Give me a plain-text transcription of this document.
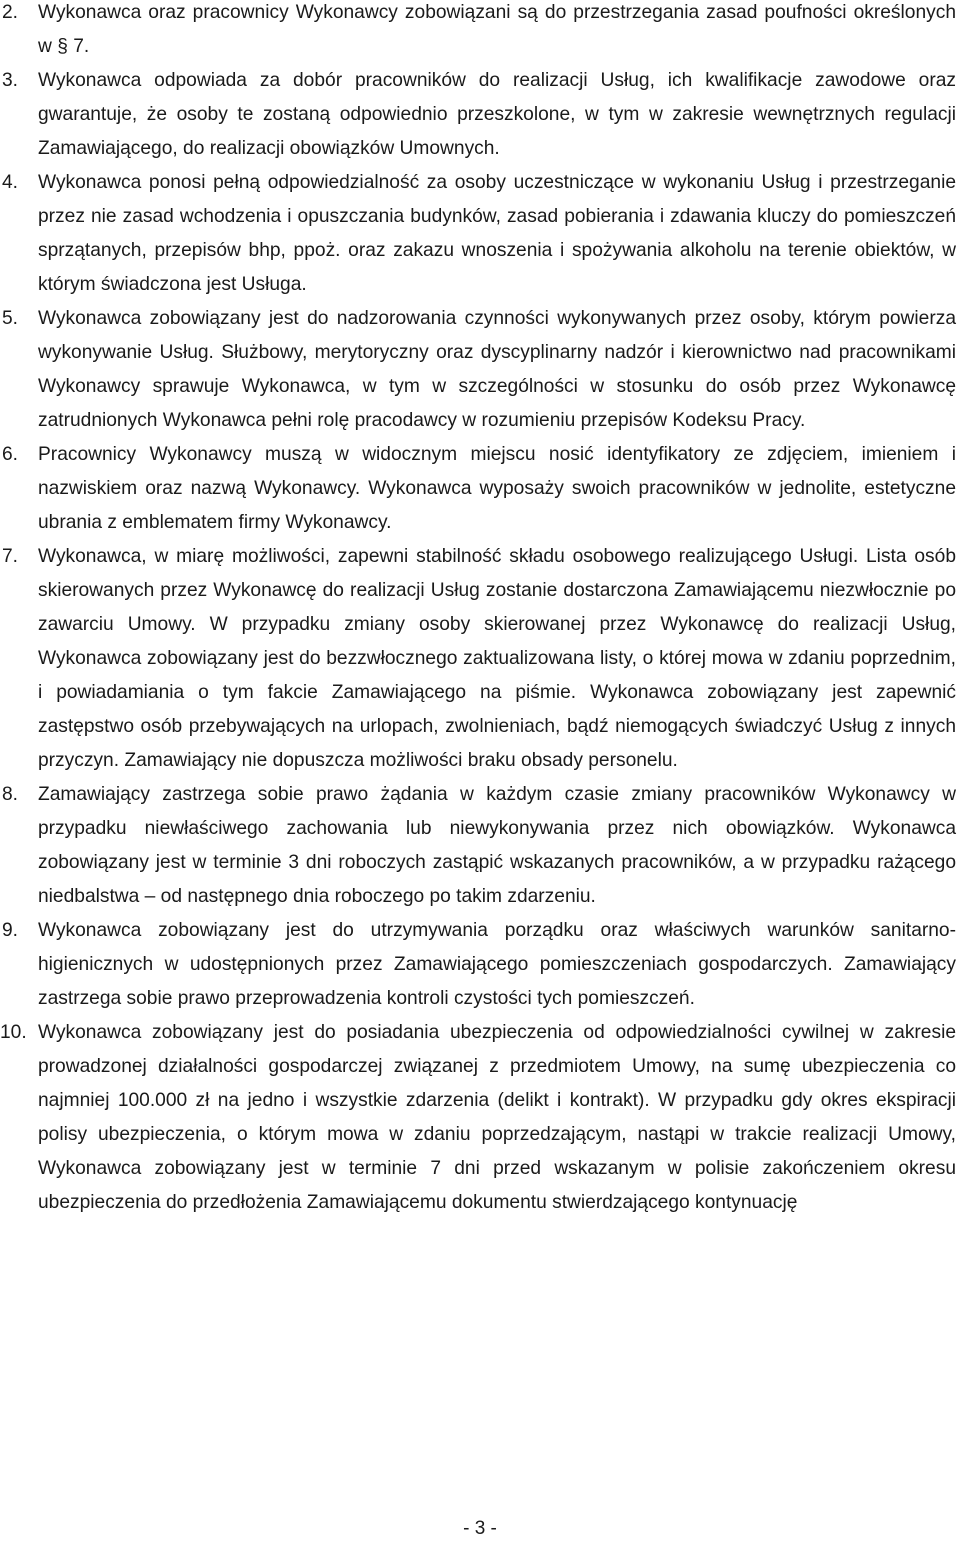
2.	Wykonawca oraz pracownicy Wykonawcy zobowiązani są do przestrzegania zasad poufności określonych w § 7.
3.	Wykonawca odpowiada za dobór pracowników do realizacji Usług, ich kwalifikacje zawodowe oraz gwarantuje, że osoby te zostaną odpowiednio przeszkolone, w tym w zakresie wewnętrznych regulacji Zamawiającego, do realizacji obowiązków Umownych.
4.	Wykonawca ponosi pełną odpowiedzialność za osoby uczestniczące w wykonaniu Usług i przestrzeganie przez nie zasad wchodzenia i opuszczania budynków, zasad pobierania i zdawania kluczy do pomieszczeń sprzątanych, przepisów bhp, ppoż. oraz zakazu wnoszenia i spożywania alkoholu na terenie obiektów, w którym świadczona jest Usługa.
5.	Wykonawca zobowiązany jest do nadzorowania czynności wykonywanych przez osoby, którym powierza wykonywanie Usług. Służbowy, merytoryczny oraz dyscyplinarny nadzór i kierownictwo nad pracownikami Wykonawcy sprawuje Wykonawca, w tym w szczególności w stosunku do osób przez Wykonawcę zatrudnionych Wykonawca pełni rolę pracodawcy w rozumieniu przepisów Kodeksu Pracy.
6.	Pracownicy Wykonawcy muszą w widocznym miejscu nosić identyfikatory ze zdjęciem, imieniem i nazwiskiem oraz nazwą Wykonawcy. Wykonawca wyposaży swoich pracowników w jednolite, estetyczne ubrania z emblematem firmy Wykonawcy.
7.	Wykonawca, w miarę możliwości, zapewni stabilność składu osobowego realizującego Usługi. Lista osób skierowanych przez Wykonawcę do realizacji Usług zostanie dostarczona Zamawiającemu niezwłocznie po zawarciu Umowy. W przypadku zmiany osoby skierowanej przez Wykonawcę do realizacji Usług, Wykonawca zobowiązany jest do bezzwłocznego zaktualizowana listy, o której mowa w zdaniu poprzednim, i powiadamiania o tym fakcie Zamawiającego na piśmie. Wykonawca zobowiązany jest zapewnić zastępstwo osób przebywających na urlopach, zwolnieniach, bądź niemogących świadczyć Usług z innych przyczyn. Zamawiający nie dopuszcza możliwości braku obsady personelu.
8.	Zamawiający zastrzega sobie prawo żądania w każdym czasie zmiany pracowników Wykonawcy w przypadku niewłaściwego zachowania lub niewykonywania przez nich obowiązków. Wykonawca zobowiązany jest w terminie 3 dni roboczych zastąpić wskazanych pracowników, a w przypadku rażącego niedbalstwa – od następnego dnia roboczego po takim zdarzeniu.
9.	Wykonawca zobowiązany jest do utrzymywania porządku oraz właściwych warunków sanitarno-higienicznych w udostępnionych przez Zamawiającego pomieszczeniach gospodarczych. Zamawiający zastrzega sobie prawo przeprowadzenia kontroli czystości tych pomieszczeń.
10. Wykonawca zobowiązany jest do posiadania ubezpieczenia od odpowiedzialności cywilnej w zakresie prowadzonej działalności gospodarczej związanej z przedmiotem Umowy, na sumę ubezpieczenia co najmniej 100.000 zł na jedno i wszystkie zdarzenia (delikt i kontrakt). W przypadku gdy okres ekspiracji polisy ubezpieczenia, o którym mowa w zdaniu poprzedzającym, nastąpi w trakcie realizacji Umowy, Wykonawca zobowiązany jest w terminie 7 dni przed wskazanym w polisie zakończeniem okresu ubezpieczenia do przedłożenia Zamawiającemu dokumentu stwierdzającego kontynuację
- 3 -
